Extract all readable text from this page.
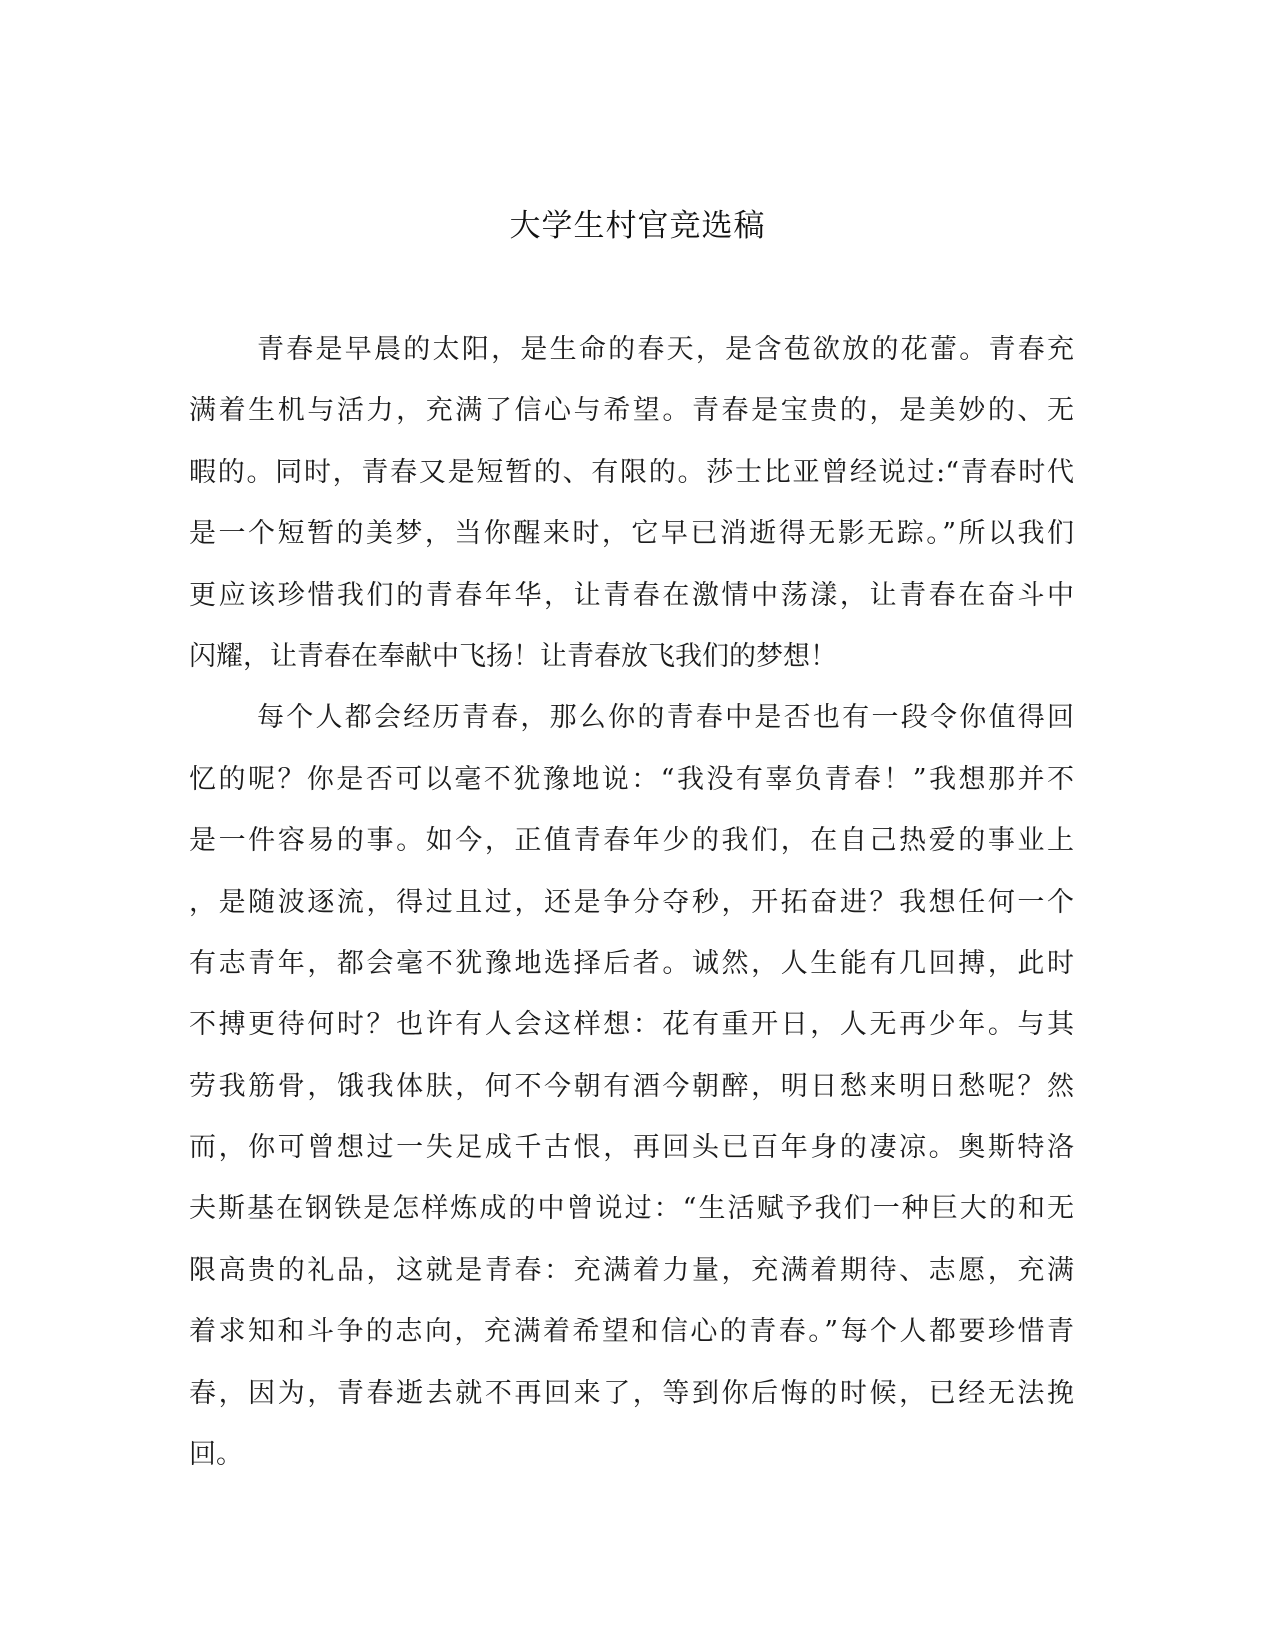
大学生村官竞选稿
青春是早晨的太阳，是生命的春天，是含苞欲放的花蕾。青春充
满着生机与活力，充满了信心与希望。青春是宝贵的，是美妙的、无
暇的。同时，青春又是短暂的、有限的。莎士比亚曾经说过:“青春时代
是一个短暂的美梦，当你醒来时，它早已消逝得无影无踪。”所以我们
更应该珍惜我们的青春年华，让青春在激情中荡漾，让青春在奋斗中
闪耀，让青春在奉献中飞扬！让青春放飞我们的梦想！
每个人都会经历青春，那么你的青春中是否也有一段令你值得回
忆的呢？你是否可以毫不犹豫地说：“我没有辜负青春！”我想那并不
是一件容易的事。如今，正值青春年少的我们，在自己热爱的事业上
，是随波逐流，得过且过，还是争分夺秒，开拓奋进？我想任何一个
有志青年，都会毫不犹豫地选择后者。诚然，人生能有几回搏，此时
不搏更待何时？也许有人会这样想：花有重开日，人无再少年。与其
劳我筋骨，饿我体肤，何不今朝有酒今朝醉，明日愁来明日愁呢？然
而，你可曾想过一失足成千古恨，再回头已百年身的凄凉。奥斯特洛
夫斯基在钢铁是怎样炼成的中曾说过：“生活赋予我们一种巨大的和无
限高贵的礼品，这就是青春：充满着力量，充满着期待、志愿，充满
着求知和斗争的志向，充满着希望和信心的青春。”每个人都要珍惜青
春，因为，青春逝去就不再回来了，等到你后悔的时候，已经无法挽
回。
